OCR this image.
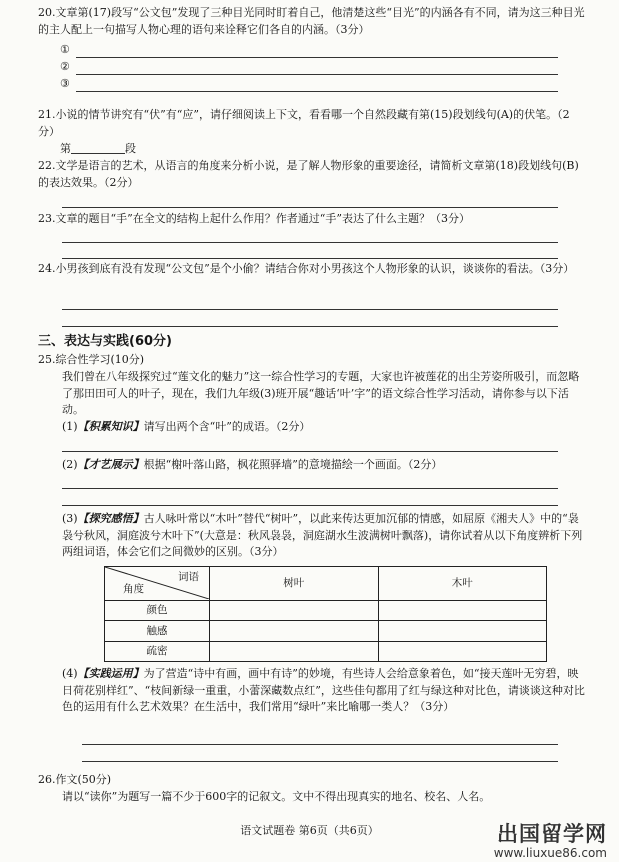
20.文章第(17)段写“公文包”发现了三种目光同时盯着自己，他清楚这些“目光”的内涵各有不同，请为这三种目光的主人配上一句描写人物心理的语句来诠释它们各自的内涵。（3分）
①
②
③
21.小说的情节讲究有“伏”有“应”，请仔细阅读上下文，看看哪一个自然段藏有第(15)段划线句(A)的伏笔。（2分）
第	段
22.文学是语言的艺术，从语言的角度来分析小说，是了解人物形象的重要途径，请简析文章第(18)段划线句(B)的表达效果。（2分）
23.文章的题目“手”在全文的结构上起什么作用？作者通过“手”表达了什么主题？（3分）
24.小男孩到底有没有发现“公文包”是个小偷？请结合你对小男孩这个人物形象的认识，谈谈你的看法。（3分）
三、表达与实践(60分)
25.综合性学习(10分)
我们曾在八年级探究过“莲文化的魅力”这一综合性学习的专题，大家也许被莲花的出尘芳姿所吸引，而忽略了那田田可人的叶子，现在，我们九年级(3)班开展“趣话‘叶’字”的语文综合性学习活动，请你参与以下活动。
(1)【积累知识】请写出两个含“叶”的成语。（2分）
(2)【才艺展示】根据“榭叶落山路，枫花照驿墙”的意境描绘一个画面。（2分）
(3)【探究感悟】古人咏叶常以“木叶”替代“树叶”，以此来传达更加沉郁的情感，如屈原《湘夫人》中的“袅袅兮秋风，洞庭波兮木叶下”(大意是：秋风袅袅，洞庭湖水生波满树叶飘落)，请你试着从以下角度辨析下列两组词语，体会它们之间微妙的区别。（3分）
词语
角度	树叶	木叶
颜色		
触感		
疏密		
(4)【实践运用】为了营造“诗中有画，画中有诗”的妙境，有些诗人会给意象着色，如“接天莲叶无穷碧，映日荷花别样红”、“枝间新绿一重重，小蕾深藏数点红”，这些佳句都用了红与绿这种对比色，请谈谈这种对比色的运用有什么艺术效果？在生活中，我们常用“绿叶”来比喻哪一类人？（3分）
26.作文(50分)
请以“读你”为题写一篇不少于600字的记叙文。文中不得出现真实的地名、校名、人名。
语文试题卷 第6页（共6页）	出国留学网
www.liuxue86.com
